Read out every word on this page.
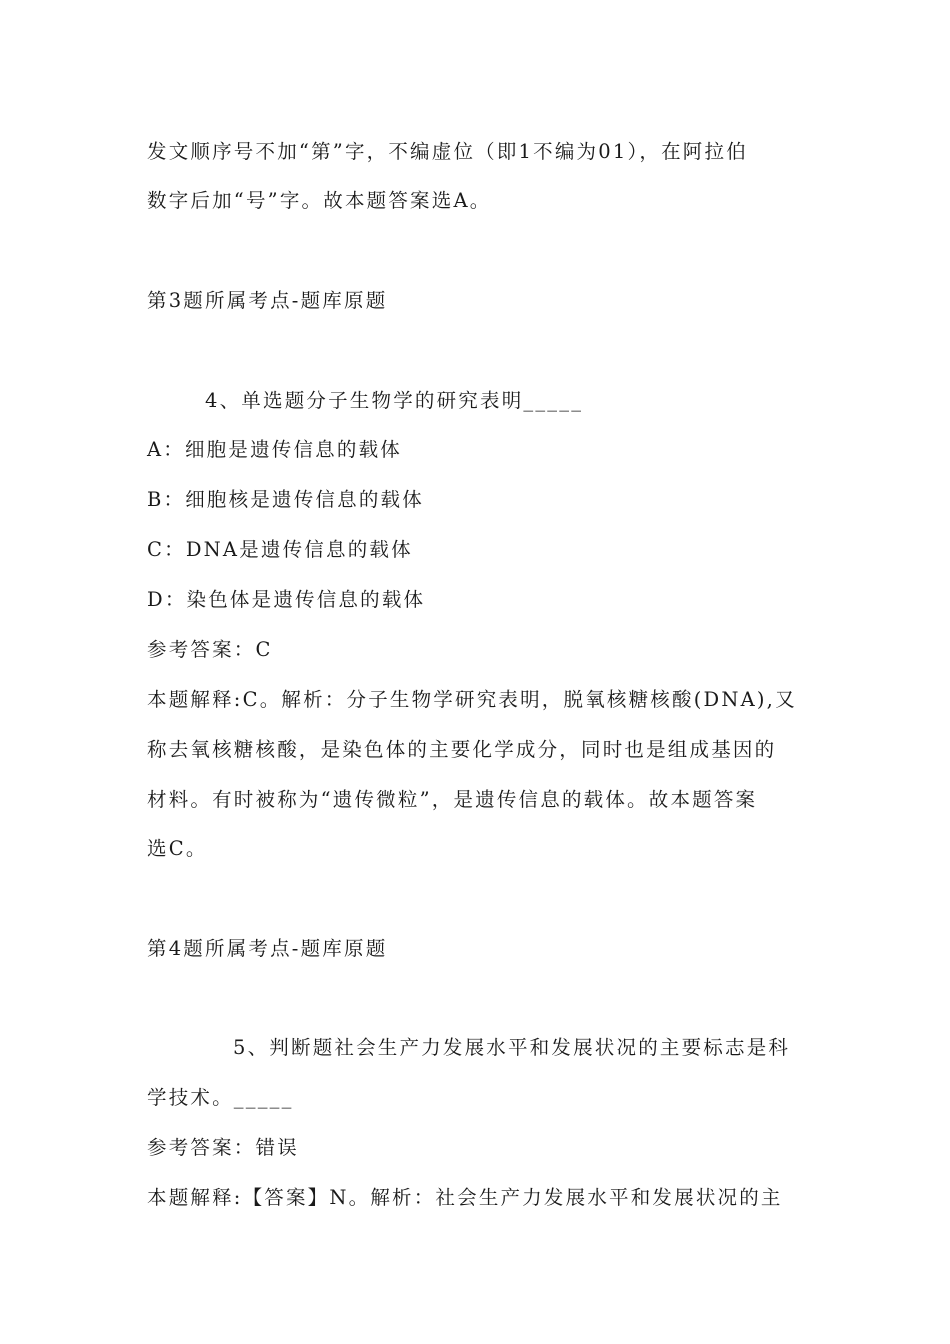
发文顺序号不加“第”字，不编虚位（即1不编为01），在阿拉伯
数字后加“号”字。故本题答案选A。
第3题所属考点-题库原题
4、单选题分子生物学的研究表明_____
A：细胞是遗传信息的载体
B：细胞核是遗传信息的载体
C：DNA是遗传信息的载体
D：染色体是遗传信息的载体
参考答案：C
本题解释:C。解析：分子生物学研究表明，脱氧核糖核酸(DNA),又
称去氧核糖核酸，是染色体的主要化学成分，同时也是组成基因的
材料。有时被称为“遗传微粒”，是遗传信息的载体。故本题答案
选C。
第4题所属考点-题库原题
5、判断题社会生产力发展水平和发展状况的主要标志是科
学技术。_____
参考答案：错误
本题解释:【答案】N。解析：社会生产力发展水平和发展状况的主
